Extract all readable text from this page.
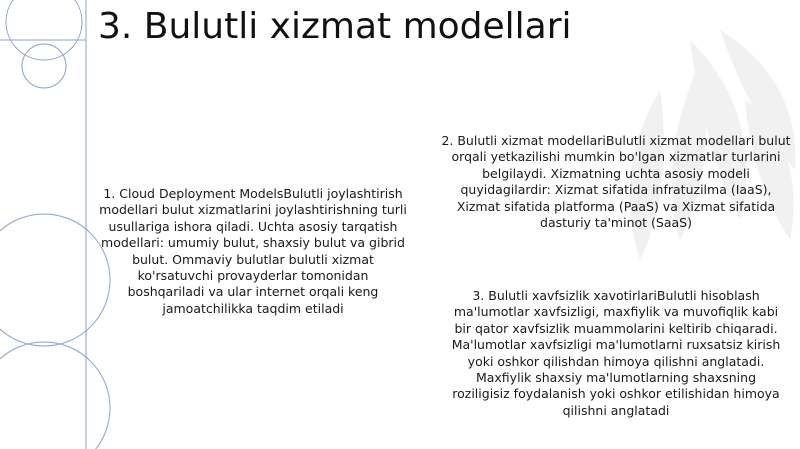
3. Bulutli xizmat modellari
1. Cloud Deployment ModelsBulutli joylashtirish modellari bulut xizmatlarini joylashtirishning turli usullariga ishora qiladi. Uchta asosiy tarqatish modellari: umumiy bulut, shaxsiy bulut va gibrid bulut. Ommaviy bulutlar bulutli xizmat ko'rsatuvchi provayderlar tomonidan boshqariladi va ular internet orqali keng jamoatchilikka taqdim etiladi
2. Bulutli xizmat modellariBulutli xizmat modellari bulut orqali yetkazilishi mumkin bo'lgan xizmatlar turlarini belgilaydi. Xizmatning uchta asosiy modeli quyidagilardir: Xizmat sifatida infratuzilma (IaaS), Xizmat sifatida platforma (PaaS) va Xizmat sifatida dasturiy ta'minot (SaaS)
3. Bulutli xavfsizlik xavotirlariBulutli hisoblash ma'lumotlar xavfsizligi, maxfiylik va muvofiqlik kabi bir qator xavfsizlik muammolarini keltirib chiqaradi. Ma'lumotlar xavfsizligi ma'lumotlarni ruxsatsiz kirish yoki oshkor qilishdan himoya qilishni anglatadi. Maxfiylik shaxsiy ma'lumotlarning shaxsning roziligisiz foydalanish yoki oshkor etilishidan himoya qilishni anglatadi
